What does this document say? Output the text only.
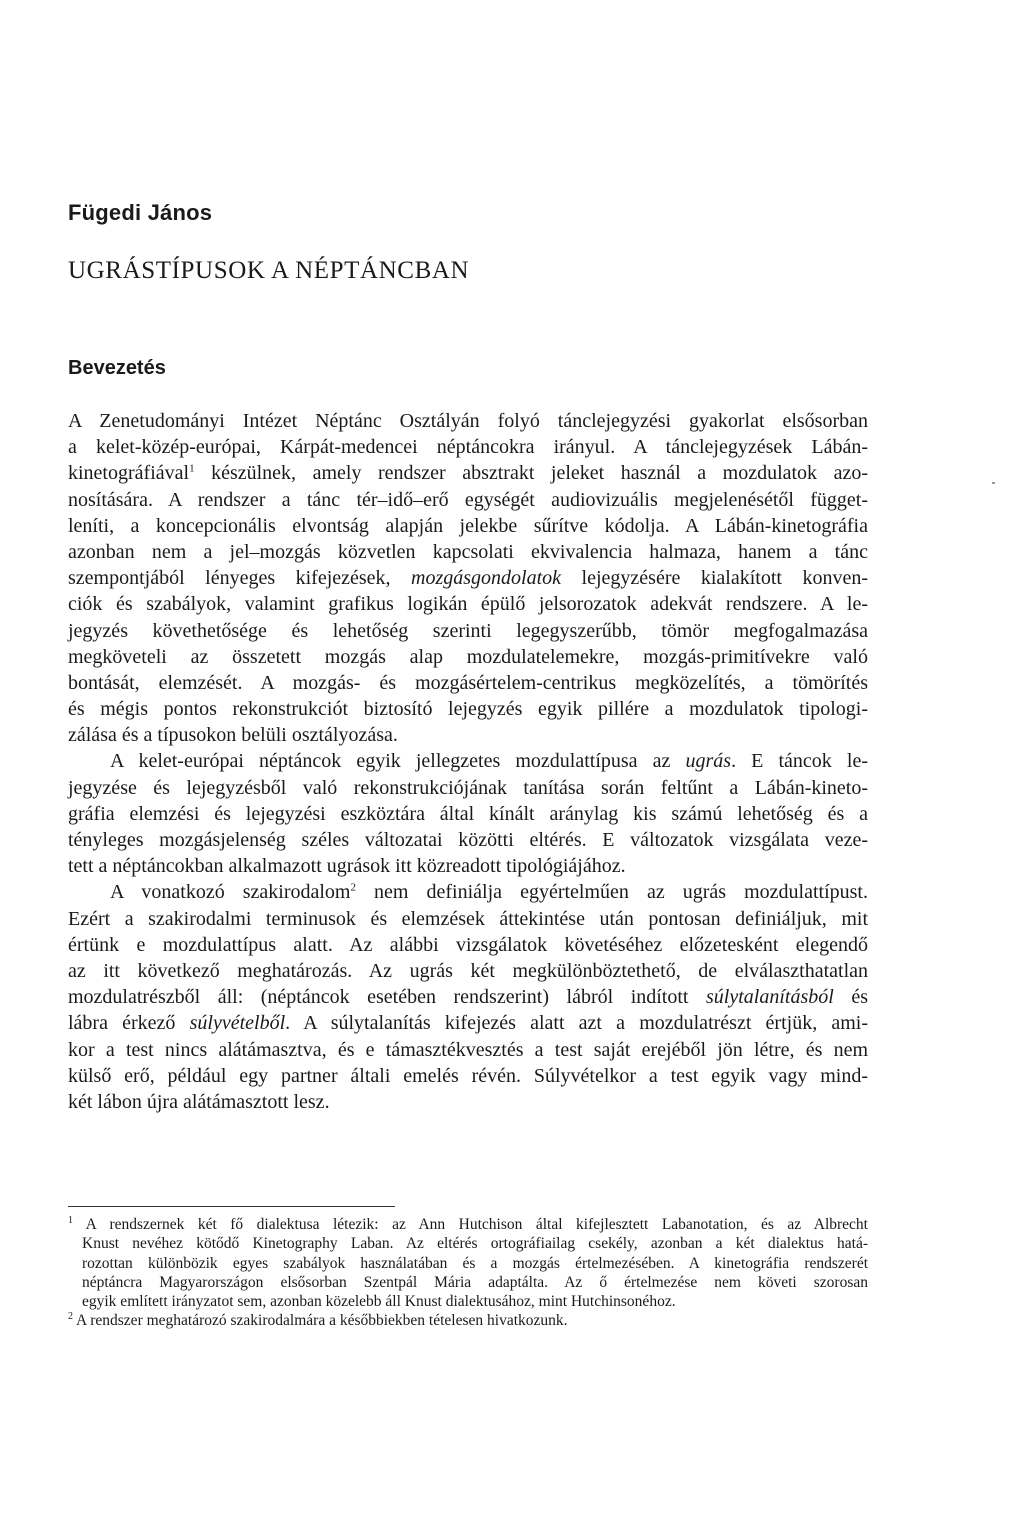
Fügedi János
UGRÁSTÍPUSOK A NÉPTÁNCBAN
Bevezetés
A Zenetudományi Intézet Néptánc Osztályán folyó tánclejegyzési gyakorlat elsősorban
a kelet-közép-európai, Kárpát-medencei néptáncokra irányul. A tánclejegyzések Lábán-
kinetográfiával$^1$ készülnek, amely rendszer absztrakt jeleket használ a mozdulatok azo-
nosítására. A rendszer a tánc tér–idő–erő egységét audiovizuális megjelenésétől függet-
leníti, a koncepcionális elvontság alapján jelekbe sűrítve kódolja. A Lábán-kinetográfia
azonban nem a jel–mozgás közvetlen kapcsolati ekvivalencia halmaza, hanem a tánc
szempontjából lényeges kifejezések, mozgásgondolatok lejegyzésére kialakított konven-
ciók és szabályok, valamint grafikus logikán épülő jelsorozatok adekvát rendszere. A le-
jegyzés követhetősége és lehetőség szerinti legegyszerűbb, tömör megfogalmazása
megköveteli az összetett mozgás alap mozdulatelemekre, mozgás-primitívekre való
bontását, elemzését. A mozgás- és mozgásértelem-centrikus megközelítés, a tömörítés
és mégis pontos rekonstrukciót biztosító lejegyzés egyik pillére a mozdulatok tipologi-
zálása és a típusokon belüli osztályozása.
A kelet-európai néptáncok egyik jellegzetes mozdulattípusa az ugrás. E táncok le-
jegyzése és lejegyzésből való rekonstrukciójának tanítása során feltűnt a Lábán-kineto-
gráfia elemzési és lejegyzési eszköztára által kínált aránylag kis számú lehetőség és a
tényleges mozgásjelenség széles változatai közötti eltérés. E változatok vizsgálata veze-
tett a néptáncokban alkalmazott ugrások itt közreadott tipológiájához.
A vonatkozó szakirodalom$^2$ nem definiálja egyértelműen az ugrás mozdulattípust.
Ezért a szakirodalmi terminusok és elemzések áttekintése után pontosan definiáljuk, mit
értünk e mozdulattípus alatt. Az alábbi vizsgálatok követéséhez előzetesként elegendő
az itt következő meghatározás. Az ugrás két megkülönböztethető, de elválaszthatatlan
mozdulatrészből áll: (néptáncok esetében rendszerint) lábról indított súlytalanításból és
lábra érkező súlyvételből. A súlytalanítás kifejezés alatt azt a mozdulatrészt értjük, ami-
kor a test nincs alátámasztva, és e támasztékvesztés a test saját erejéből jön létre, és nem
külső erő, például egy partner általi emelés révén. Súlyvételkor a test egyik vagy mind-
két lábon újra alátámasztott lesz.
$^1$ A rendszernek két fő dialektusa létezik: az Ann Hutchison által kifejlesztett Labanotation, és az Albrecht
Knust nevéhez kötődő Kinetography Laban. Az eltérés ortográfiailag csekély, azonban a két dialektus hatá-
rozottan különbözik egyes szabályok használatában és a mozgás értelmezésében. A kinetográfia rendszerét
néptáncra Magyarországon elsősorban Szentpál Mária adaptálta. Az ő értelmezése nem követi szorosan
egyik említett irányzatot sem, azonban közelebb áll Knust dialektusához, mint Hutchinsonéhoz.
$^2$ A rendszer meghatározó szakirodalmára a későbbiekben tételesen hivatkozunk.
